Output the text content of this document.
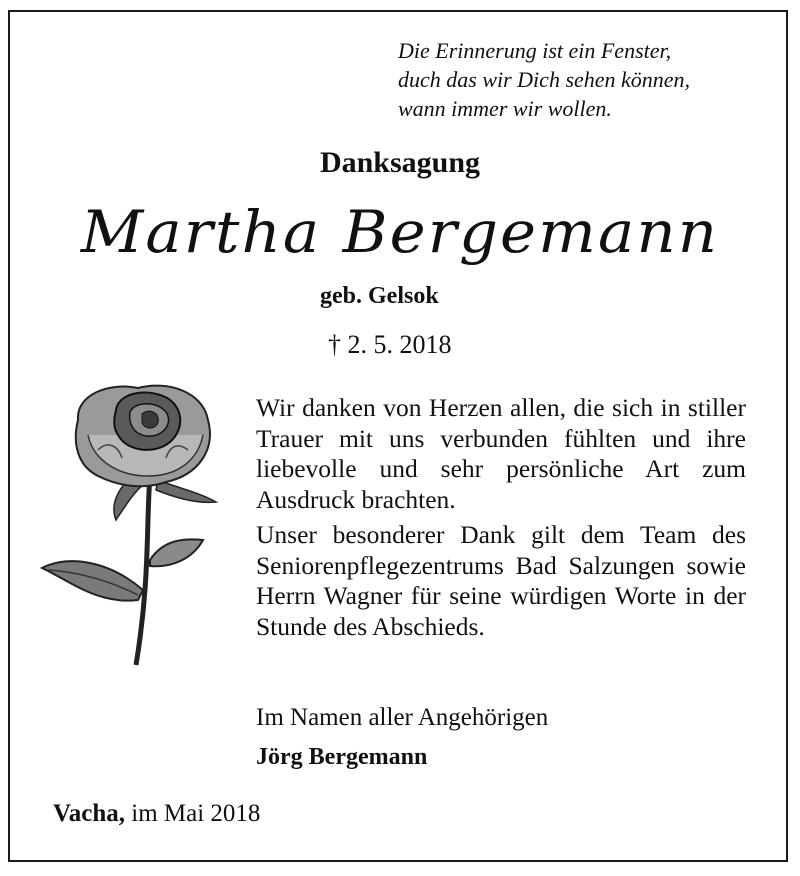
Die Erinnerung ist ein Fenster,
duch das wir Dich sehen können,
wann immer wir wollen.
Danksagung
Martha Bergemann

geb. Gelsok

† 2. 5. 2018

Wir danken von Herzen allen, die sich in stiller Trauer mit uns verbunden fühlten und ihre liebevolle und sehr persönliche Art zum Ausdruck brachten.

Unser besonderer Dank gilt dem Team des Seniorenpflegezentrums Bad Salzungen sowie Herrn Wagner für seine würdigen Worte in der Stunde des Abschieds.

Im Namen aller Angehörigen

Jörg Bergemann

Vacha, im Mai 2018
